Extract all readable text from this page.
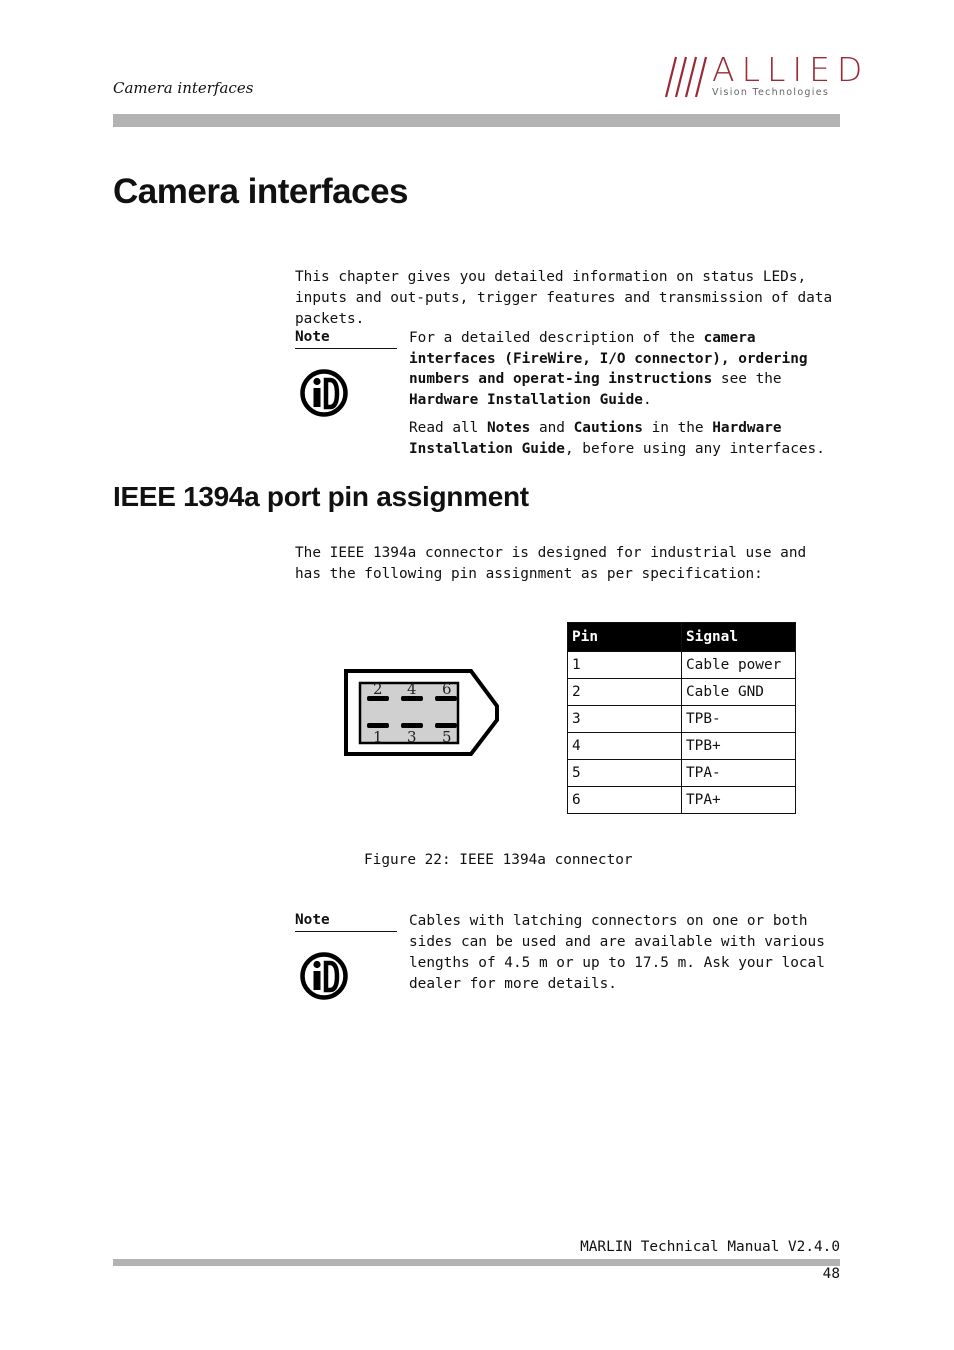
Camera interfaces	ALLIED
Vision Technologies
Camera interfaces
This chapter gives you detailed information on status LEDs, inputs and out-puts, trigger features and transmission of data packets.
Note	For a detailed description of the camera interfaces (FireWire, I/O connector), ordering numbers and operat-ing instructions see the Hardware Installation Guide.

Read all Notes and Cautions in the Hardware Installation Guide, before using any interfaces.

IEEE 1394a port pin assignment
The IEEE 1394a connector is designed for industrial use and has the following pin assignment as per specification:
2 4 6
1 3 5
Pin	Signal
1	Cable power
2	Cable GND
3	TPB-
4	TPB+
5	TPA-
6	TPA+
Figure 22: IEEE 1394a connector
Note	Cables with latching connectors on one or both sides can be used and are available with various lengths of 4.5 m or up to 17.5 m. Ask your local dealer for more details.
MARLIN Technical Manual V2.4.0
48
